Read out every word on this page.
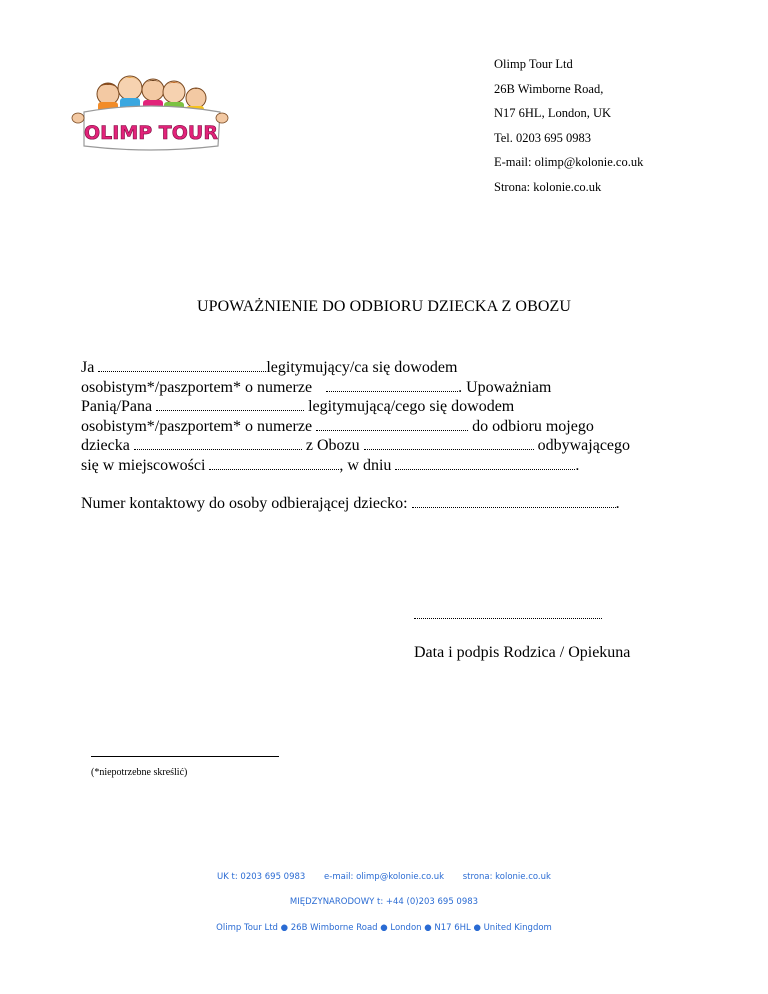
OLIMP TOUR
Olimp Tour Ltd
26B Wimborne Road,
N17 6HL, London, UK
Tel. 0203 695 0983
E-mail: olimp@kolonie.co.uk
Strona: kolonie.co.uk
UPOWAŻNIENIE DO ODBIORU DZIECKA Z OBOZU
Ja	legitymujący/ca się dowodem
osobistym*/paszportem* o numerze	. Upoważniam
Panią/Pana	legitymującą/cego się dowodem
osobistym*/paszportem* o numerze	do odbioru mojego
dziecka	z Obozu	odbywającego
się w miejscowości	, w dniu	.
Numer kontaktowy do osoby odbierającej dziecko:	.
Data i podpis Rodzica / Opiekuna
(*niepotrzebne skreślić)
UK t: 0203 695 0983 e-mail: olimp@kolonie.co.uk strona: kolonie.co.uk
MIĘDZYNARODOWY t: +44 (0)203 695 0983
Olimp Tour Ltd ● 26B Wimborne Road ● London ● N17 6HL ● United Kingdom
